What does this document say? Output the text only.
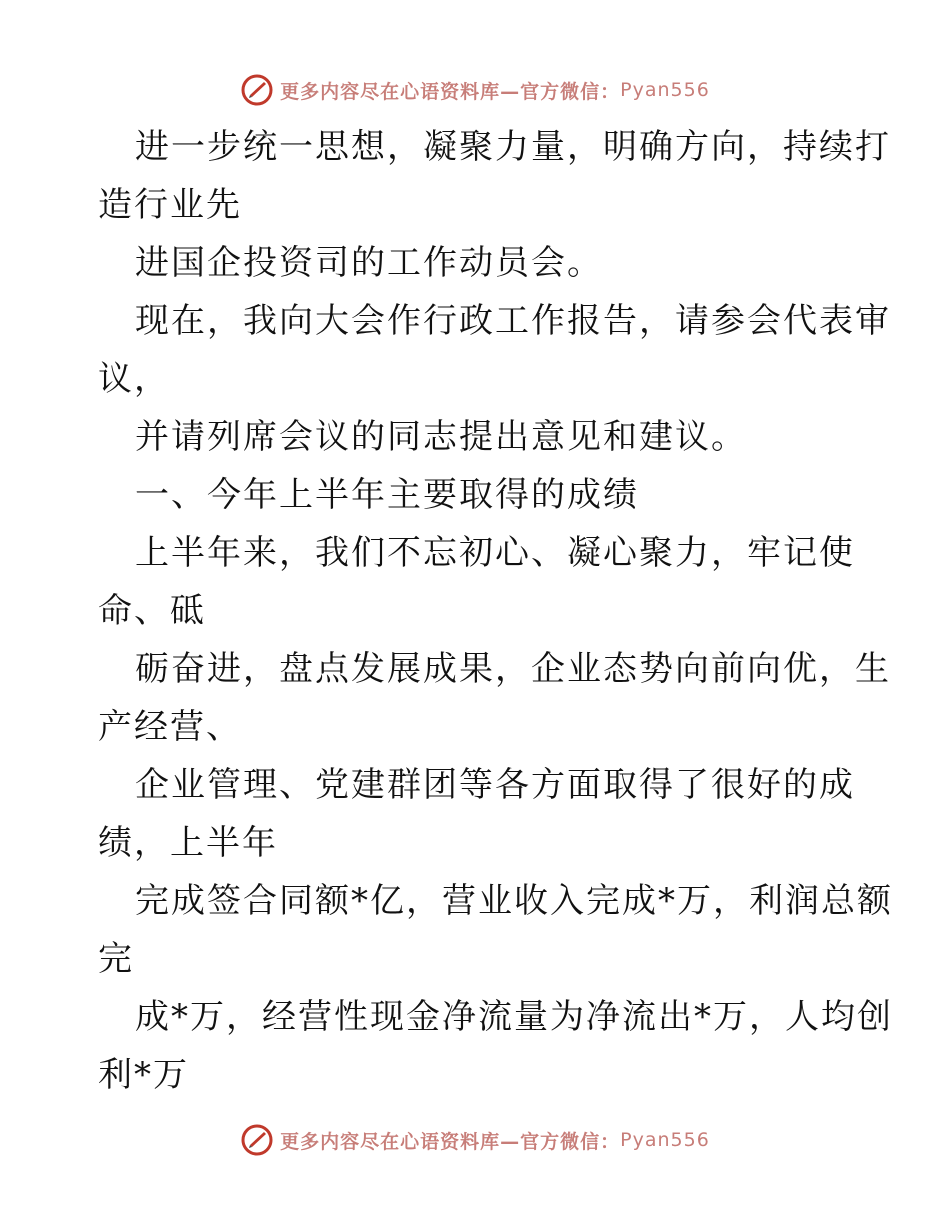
更多内容尽在心语资料库—官方微信： Pyan556
进一步统一思想，凝聚力量，明确方向，持续打
造行业先
进国企投资司的工作动员会。
现在，我向大会作行政工作报告，请参会代表审
议，
并请列席会议的同志提出意见和建议。
一、今年上半年主要取得的成绩
上半年来，我们不忘初心、凝心聚力，牢记使
命、砥
砺奋进，盘点发展成果，企业态势向前向优，生
产经营、
企业管理、党建群团等各方面取得了很好的成
绩，上半年
完成签合同额*亿，营业收入完成*万，利润总额
完
成*万，经营性现金净流量为净流出*万，人均创
利*万
更多内容尽在心语资料库—官方微信： Pyan556
